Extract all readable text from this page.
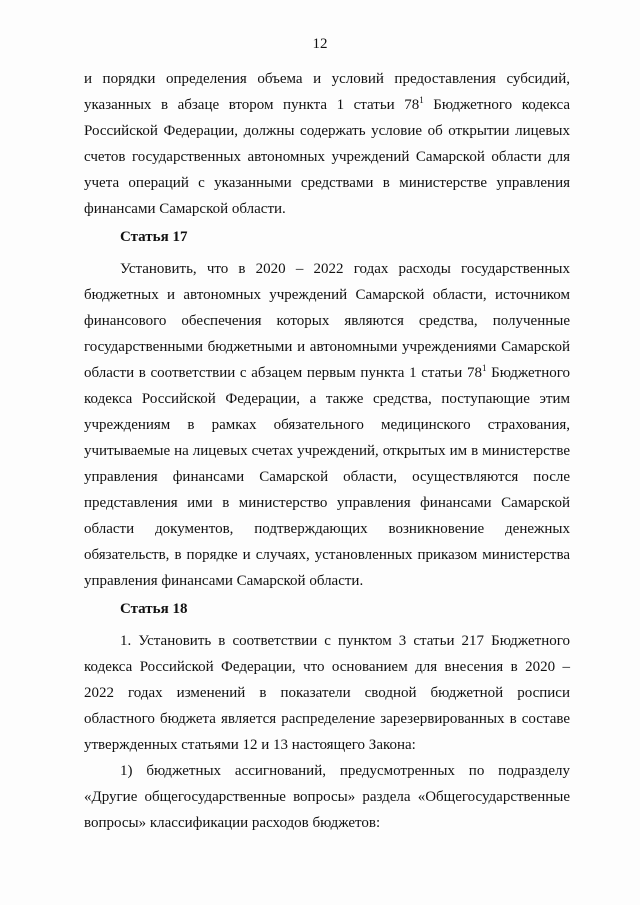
12

и порядки определения объема и условий предоставления субсидий, указанных в абзаце втором пункта 1 статьи $78^1$ Бюджетного кодекса Российской Федерации, должны содержать условие об открытии лицевых счетов государственных автономных учреждений Самарской области для учета операций с указанными средствами в министерстве управления финансами Самарской области.

Статья 17

Установить, что в 2020 – 2022 годах расходы государственных бюджетных и автономных учреждений Самарской области, источником финансового обеспечения которых являются средства, полученные государственными бюджетными и автономными учреждениями Самарской области в соответствии с абзацем первым пункта 1 статьи $78^1$ Бюджетного кодекса Российской Федерации, а также средства, поступающие этим учреждениям в рамках обязательного медицинского страхования, учитываемые на лицевых счетах учреждений, открытых им в министерстве управления финансами Самарской области, осуществляются после представления ими в министерство управления финансами Самарской области документов, подтверждающих возникновение денежных обязательств, в порядке и случаях, установленных приказом министерства управления финансами Самарской области.

Статья 18

1. Установить в соответствии с пунктом 3 статьи 217 Бюджетного кодекса Российской Федерации, что основанием для внесения в 2020 – 2022 годах изменений в показатели сводной бюджетной росписи областного бюджета является распределение зарезервированных в составе утвержденных статьями 12 и 13 настоящего Закона:

1) бюджетных ассигнований, предусмотренных по подразделу «Другие общегосударственные вопросы» раздела «Общегосударственные вопросы» классификации расходов бюджетов:
